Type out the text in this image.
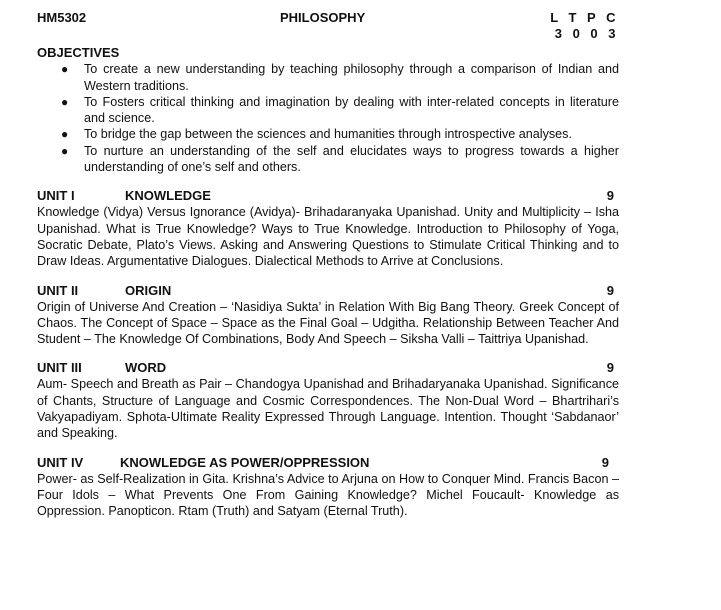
HM5302	PHILOSOPHY	L T P C
3 0 0 3
OBJECTIVES
● To create a new understanding by teaching philosophy through a comparison of Indian and Western traditions.
● To Fosters critical thinking and imagination by dealing with inter-related concepts in literature and science.
● To bridge the gap between the sciences and humanities through introspective analyses.
● To nurture an understanding of the self and elucidates ways to progress towards a higher understanding of one’s self and others.
UNIT I	KNOWLEDGE	9
Knowledge (Vidya) Versus Ignorance (Avidya)- Brihadaranyaka Upanishad. Unity and Multiplicity – Isha Upanishad. What is True Knowledge? Ways to True Knowledge. Introduction to Philosophy of Yoga, Socratic Debate, Plato’s Views. Asking and Answering Questions to Stimulate Critical Thinking and to Draw Ideas. Argumentative Dialogues. Dialectical Methods to Arrive at Conclusions.
UNIT II	ORIGIN	9
Origin of Universe And Creation – ‘Nasidiya Sukta’ in Relation With Big Bang Theory. Greek Concept of Chaos. The Concept of Space – Space as the Final Goal – Udgitha. Relationship Between Teacher And Student – The Knowledge Of Combinations, Body And Speech – Siksha Valli – Taittriya Upanishad.
UNIT III	WORD	9
Aum- Speech and Breath as Pair – Chandogya Upanishad and Brihadaryanaka Upanishad. Significance of Chants, Structure of Language and Cosmic Correspondences. The Non-Dual Word – Bhartrihari’s Vakyapadiyam. Sphota-Ultimate Reality Expressed Through Language. Intention. Thought ‘Sabdanaor’ and Speaking.
UNIT IV	KNOWLEDGE AS POWER/OPPRESSION	9
Power- as Self-Realization in Gita. Krishna’s Advice to Arjuna on How to Conquer Mind. Francis Bacon – Four Idols – What Prevents One From Gaining Knowledge? Michel Foucault- Knowledge as Oppression. Panopticon. Rtam (Truth) and Satyam (Eternal Truth).
